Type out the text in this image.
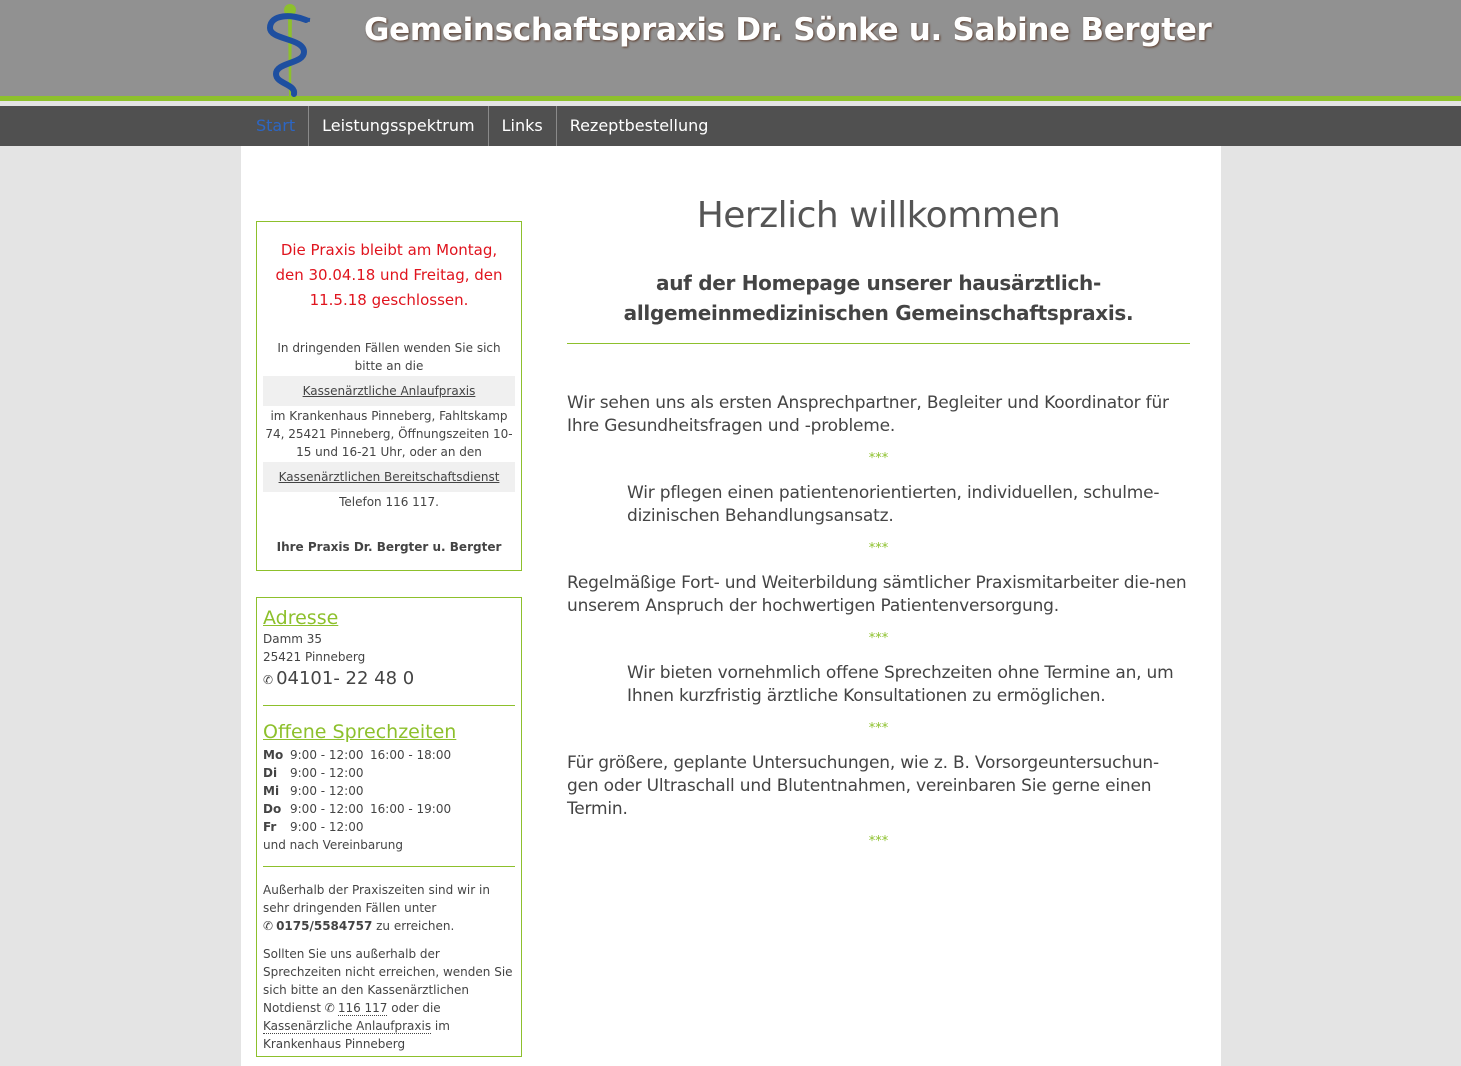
Gemeinschaftspraxis Dr. Sönke u. Sabine Bergter
Start	Leistungsspektrum	Links	Rezeptbestellung
Die Praxis bleibt am Montag, den 30.04.18 und Freitag, den 11.5.18 geschlossen.
In dringenden Fällen wenden Sie sich bitte an die
Kassenärztliche Anlaufpraxis
im Krankenhaus Pinneberg, Fahltskamp 74, 25421 Pinneberg, Öffnungszeiten 10-15 und 16-21 Uhr, oder an den
Kassenärztlichen Bereitschaftsdienst
Telefon 116 117.
Ihre Praxis Dr. Bergter u. Bergter
Adresse
Damm 35
25421 Pinneberg
✆ 04101- 22 48 0
Offene Sprechzeiten
Mo 9:00 - 12:00 16:00 - 18:00
Di	9:00 - 12:00
Mi 9:00 - 12:00
Do 9:00 - 12:00 16:00 - 19:00
Fr	9:00 - 12:00
und nach Vereinbarung

Außerhalb der Praxiszeiten sind wir in sehr dringenden Fällen unter
✆ 0175/5584757 zu erreichen.

Sollten Sie uns außerhalb der Sprechzeiten nicht erreichen, wenden Sie sich bitte an den Kassenärztlichen Notdienst ✆ 116 117 oder die Kassenärzliche Anlaufpraxis im Krankenhaus Pinneberg

Herzlich willkommen
auf der Homepage unserer hausärztlich-
allgemeinmedizinischen Gemeinschaftspraxis.

Wir sehen uns als ersten Ansprechpartner, Begleiter und Koordinator für Ihre Gesundheitsfragen und -probleme.

***

Wir pflegen einen patientenorientierten, individuellen, schulme-dizinischen Behandlungsansatz.

***

Regelmäßige Fort- und Weiterbildung sämtlicher Praxismitarbeiter die-nen unserem Anspruch der hochwertigen Patientenversorgung.

***

Wir bieten vornehmlich offene Sprechzeiten ohne Termine an, um Ihnen kurzfristig ärztliche Konsultationen zu ermöglichen.

***

Für größere, geplante Untersuchungen, wie z. B. Vorsorgeuntersuchun-gen oder Ultraschall und Blutentnahmen, vereinbaren Sie gerne einen Termin.

***
